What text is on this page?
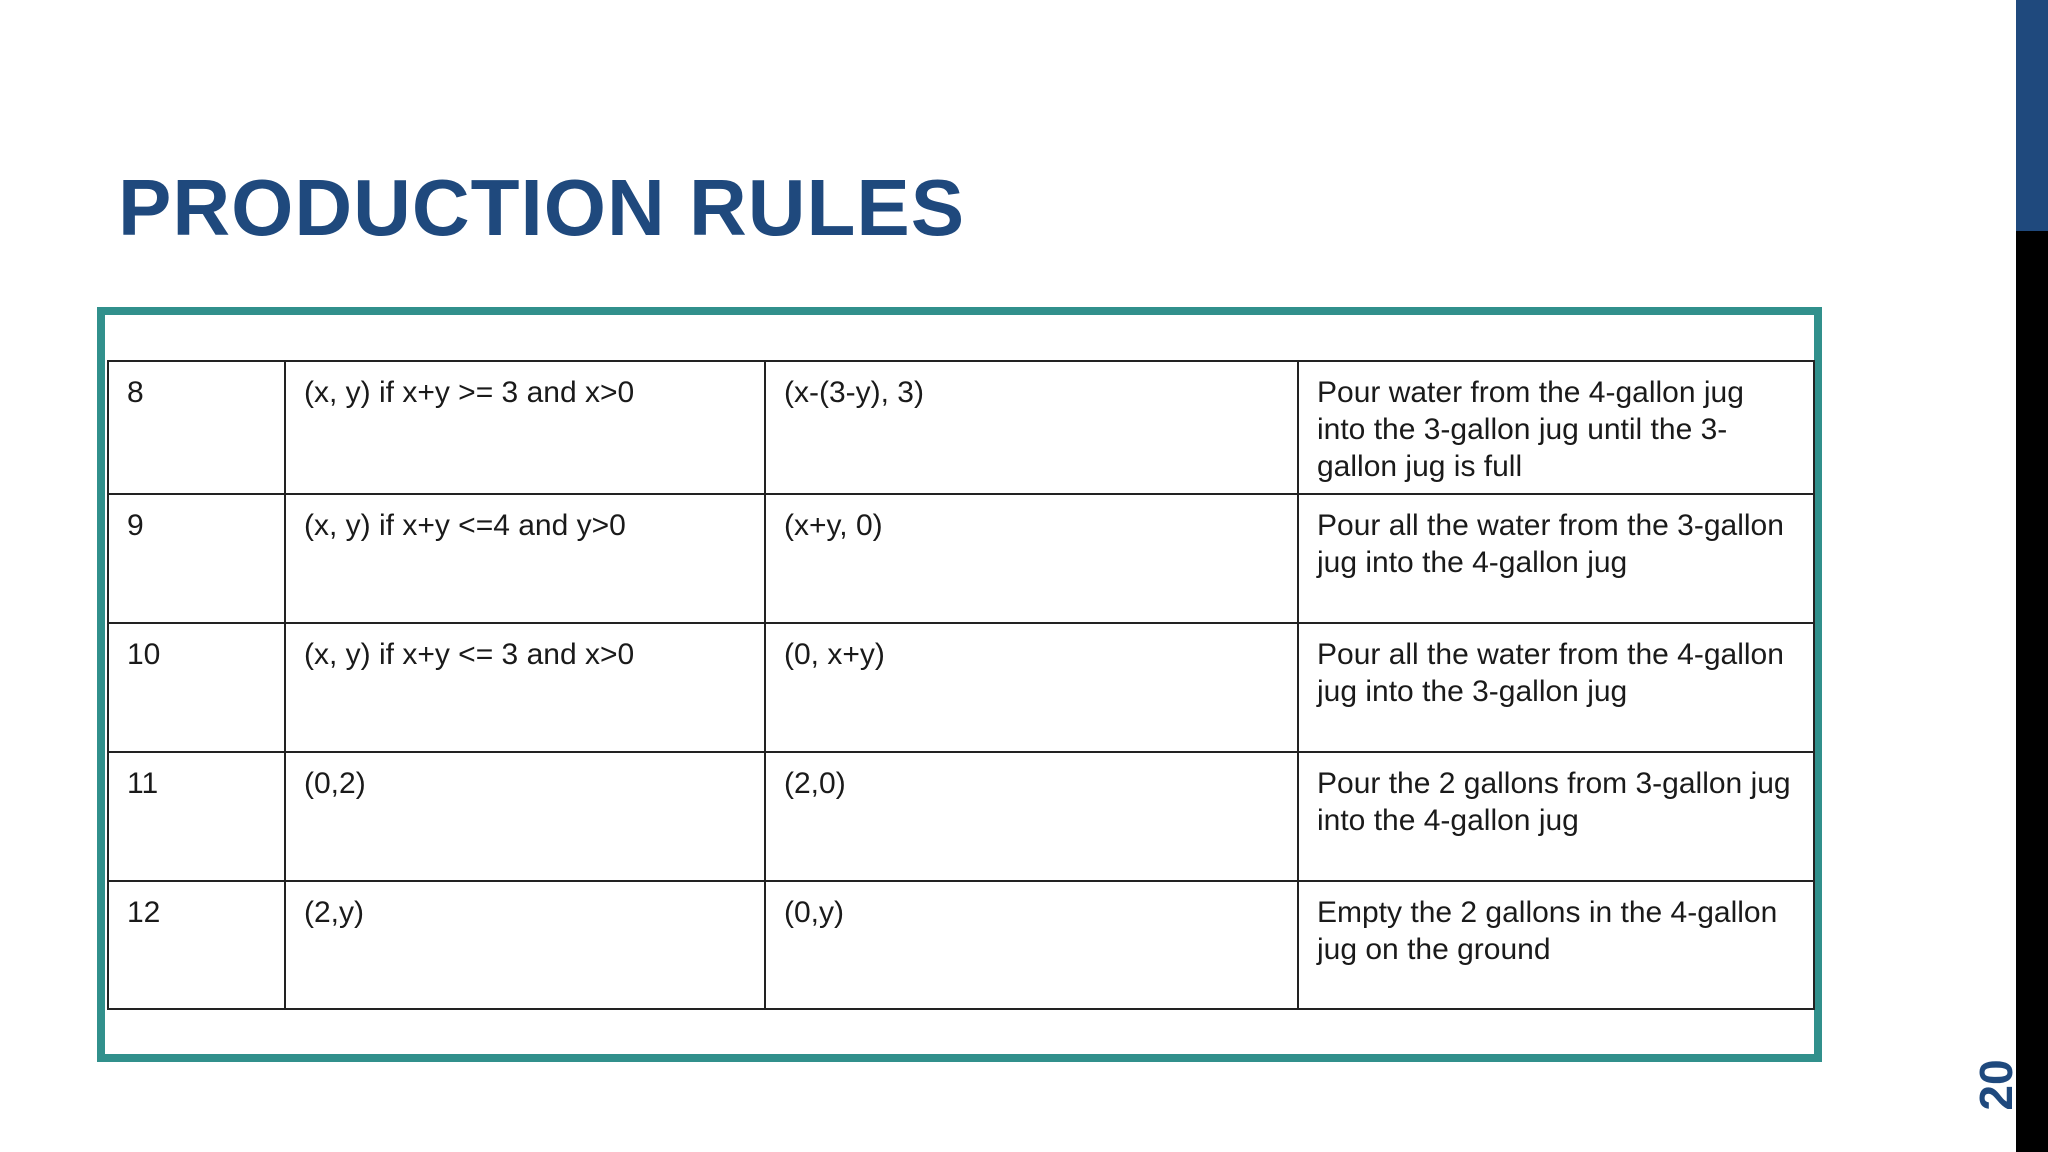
PRODUCTION RULES
8	(x, y) if x+y >= 3 and x>0	(x-(3-y), 3)	Pour water from the 4-gallon jug into the 3-gallon jug until the 3-gallon jug is full
9	(x, y) if x+y <=4 and y>0	(x+y, 0)	Pour all the water from the 3-gallon jug into the 4-gallon jug
10	(x, y) if x+y <= 3 and x>0	(0, x+y)	Pour all the water from the 4-gallon jug into the 3-gallon jug
11	(0,2)	(2,0)	Pour the 2 gallons from 3-gallon jug into the 4-gallon jug
12	(2,y)	(0,y)	Empty the 2 gallons in the 4-gallon jug on the ground
20
